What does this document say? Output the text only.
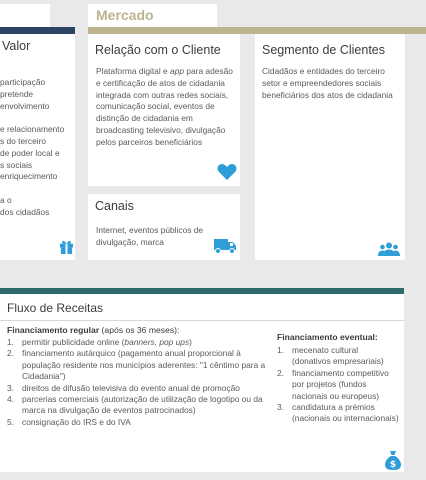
Mercado
Valor
participação
pretende
envolvimento
e relacionamento
s do terceiro
de poder local e
s sociais
enriquecimento
a o
dos cidadãos
Relação com o Cliente
Plataforma digital e app para adesão e certificação de atos de cidadania integrada com outras redes sociais, comunicação social, eventos de distinção de cidadania em broadcasting televisivo, divulgação pelos parceiros beneficiários
Canais
Internet, eventos públicos de divulgação, marca
Segmento de Clientes
Cidadãos e entidades do terceiro setor e empreendedores sociais beneficiários dos atos de cidadania
Fluxo de Receitas
Financiamento regular (após os 36 meses):
1. permitir publicidade online (banners, pop ups)
2. financiamento autárquico (pagamento anual proporcional à população residente nos municípios aderentes: "1 cêntimo para a Cidadania")
3. direitos de difusão televisiva do evento anual de promoção
4. parcerias comerciais (autorização de utilização de logotipo ou da marca na divulgação de eventos patrocinados)
5. consignação do IRS e do IVA
Financiamento eventual:
1. mecenato cultural (donativos empresariais)
2. financiamento competitivo por projetos (fundos nacionais ou europeus)
3. candidatura a prémios (nacionais ou internacionais)
$
